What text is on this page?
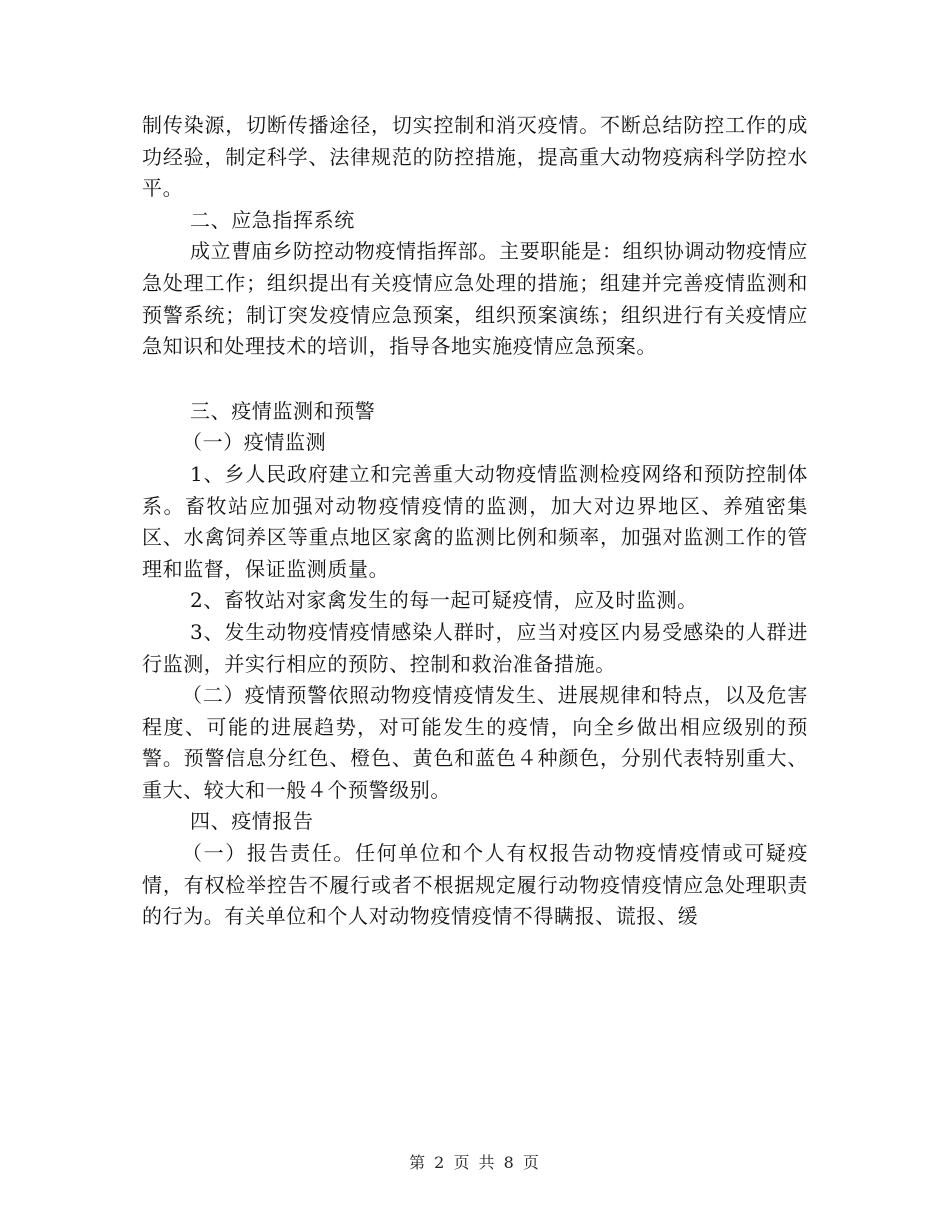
制传染源，切断传播途径，切实控制和消灭疫情。不断总结防控工作的成功经验，制定科学、法律规范的防控措施，提高重大动物疫病科学防控水平。

二、应急指挥系统

成立曹庙乡防控动物疫情指挥部。主要职能是：组织协调动物疫情应急处理工作；组织提出有关疫情应急处理的措施；组建并完善疫情监测和预警系统；制订突发疫情应急预案，组织预案演练；组织进行有关疫情应急知识和处理技术的培训，指导各地实施疫情应急预案。

三、疫情监测和预警

（一）疫情监测

1、乡人民政府建立和完善重大动物疫情监测检疫网络和预防控制体系。畜牧站应加强对动物疫情疫情的监测，加大对边界地区、养殖密集区、水禽饲养区等重点地区家禽的监测比例和频率，加强对监测工作的管理和监督，保证监测质量。

2、畜牧站对家禽发生的每一起可疑疫情，应及时监测。

3、发生动物疫情疫情感染人群时，应当对疫区内易受感染的人群进行监测，并实行相应的预防、控制和救治准备措施。

（二）疫情预警依照动物疫情疫情发生、进展规律和特点，以及危害程度、可能的进展趋势，对可能发生的疫情，向全乡做出相应级别的预警。预警信息分红色、橙色、黄色和蓝色４种颜色，分别代表特别重大、重大、较大和一般４个预警级别。

四、疫情报告

（一）报告责任。任何单位和个人有权报告动物疫情疫情或可疑疫情，有权检举控告不履行或者不根据规定履行动物疫情疫情应急处理职责的行为。有关单位和个人对动物疫情疫情不得瞒报、谎报、缓

第 2 页 共 8 页
